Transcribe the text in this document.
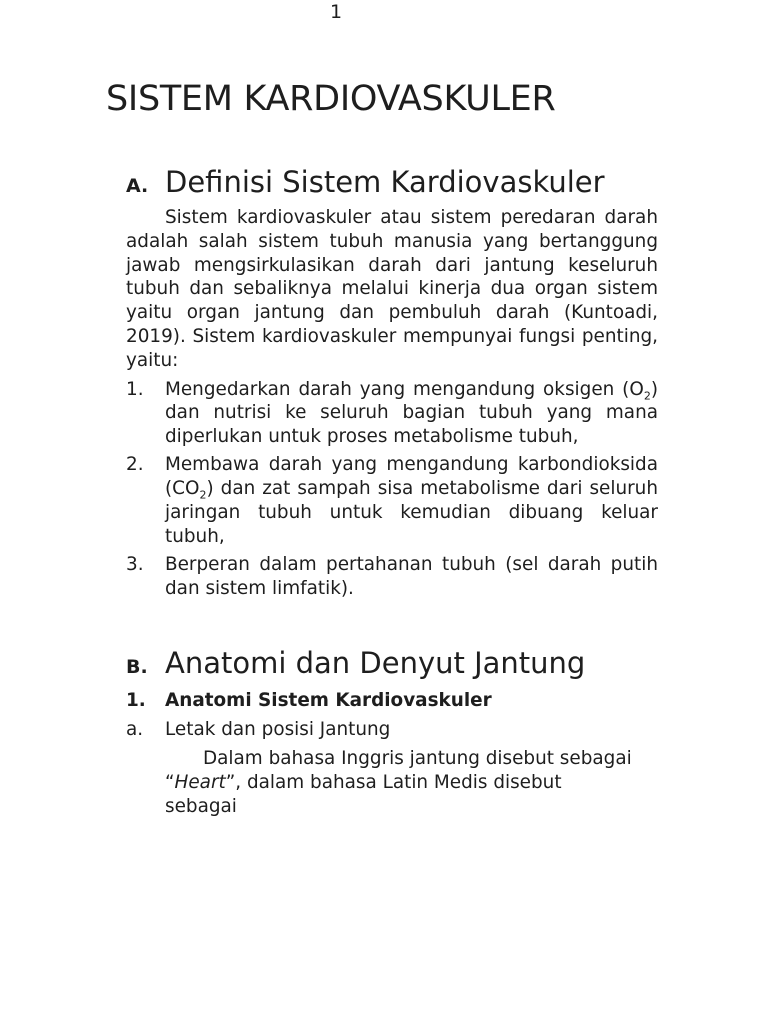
1
SISTEM KARDIOVASKULER
A. Definisi Sistem Kardiovaskuler

Sistem kardiovaskuler atau sistem peredaran darah adalah salah sistem tubuh manusia yang bertanggung jawab mengsirkulasikan darah dari jantung keseluruh tubuh dan sebaliknya melalui kinerja dua organ sistem yaitu organ jantung dan pembuluh darah (Kuntoadi, 2019). Sistem kardiovaskuler mempunyai fungsi penting, yaitu:

1.	Mengedarkan darah yang mengandung oksigen $(O_2)$ dan nutrisi ke seluruh bagian tubuh yang mana diperlukan untuk proses metabolisme tubuh,
2.	Membawa darah yang mengandung karbondioksida $(CO_2)$ dan zat sampah sisa metabolisme dari seluruh jaringan tubuh untuk kemudian dibuang keluar tubuh,
3.	Berperan dalam pertahanan tubuh (sel darah putih dan sistem limfatik).
B. Anatomi dan Denyut Jantung
1.	Anatomi Sistem Kardiovaskuler
a.	Letak dan posisi Jantung

Dalam bahasa Inggris jantung disebut sebagai “Heart”, dalam bahasa Latin Medis disebut sebagai
